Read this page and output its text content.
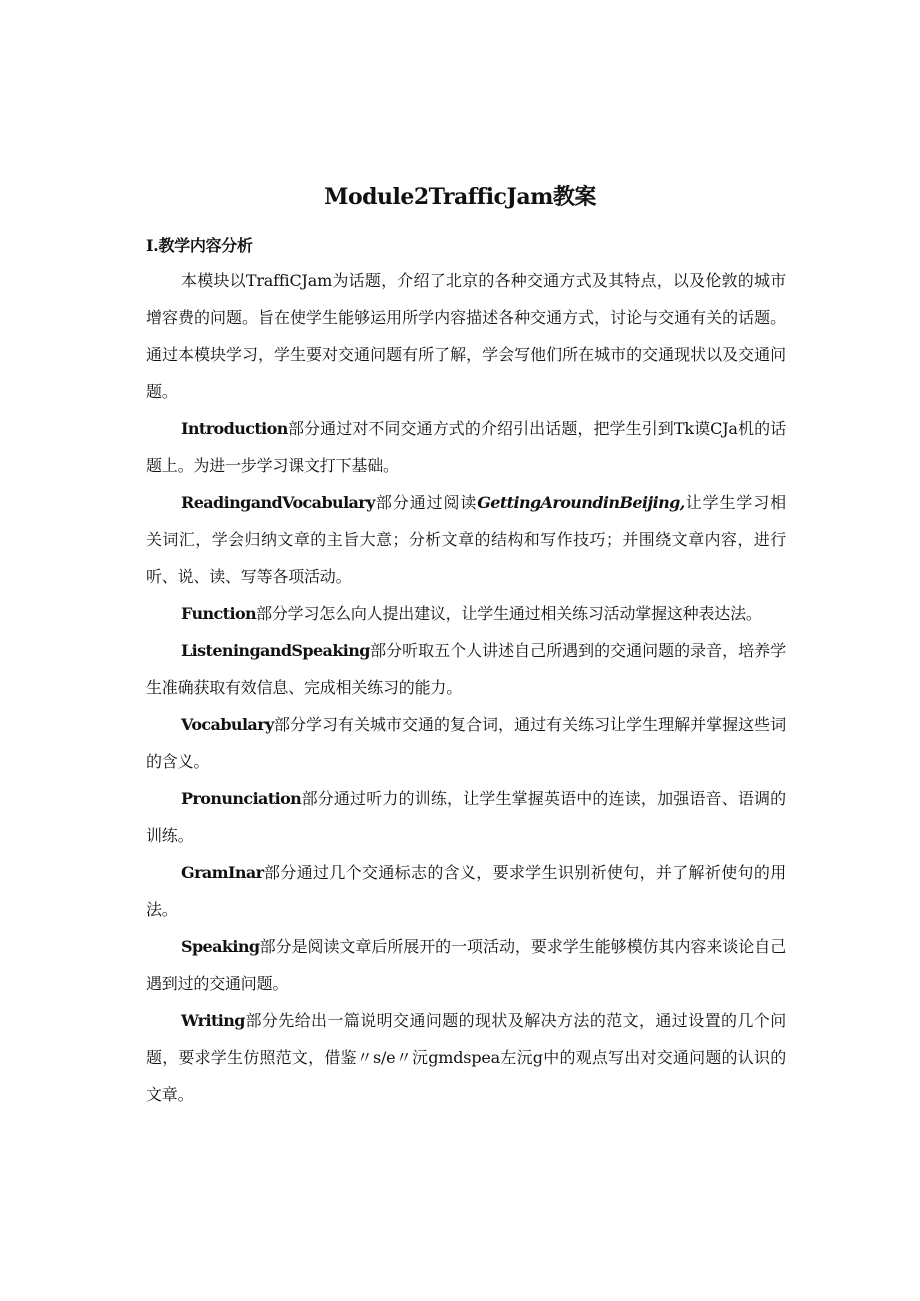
Module2TrafficJam教案
I.教学内容分析

本模块以TraffiCJam为话题，介绍了北京的各种交通方式及其特点，以及伦敦的城市增容费的问题。旨在使学生能够运用所学内容描述各种交通方式，讨论与交通有关的话题。通过本模块学习，学生要对交通问题有所了解，学会写他们所在城市的交通现状以及交通问题。

Introduction部分通过对不同交通方式的介绍引出话题，把学生引到Tk谟CJa机的话题上。为进一步学习课文打下基础。

ReadingandVocabulary部分通过阅读GettingAroundinBeijing,让学生学习相关词汇，学会归纳文章的主旨大意；分析文章的结构和写作技巧；并围绕文章内容，进行听、说、读、写等各项活动。

Function部分学习怎么向人提出建议，让学生通过相关练习活动掌握这种表达法。

ListeningandSpeaking部分听取五个人讲述自己所遇到的交通问题的录音，培养学生准确获取有效信息、完成相关练习的能力。

Vocabulary部分学习有关城市交通的复合词，通过有关练习让学生理解并掌握这些词的含义。

Pronunciation部分通过听力的训练，让学生掌握英语中的连读，加强语音、语调的训练。

GramInar部分通过几个交通标志的含义，要求学生识别祈使句，并了解祈使句的用法。

Speaking部分是阅读文章后所展开的一项活动，要求学生能够模仿其内容来谈论自己遇到过的交通问题。

Writing部分先给出一篇说明交通问题的现状及解决方法的范文，通过设置的几个问题，要求学生仿照范文，借鉴〃s/e〃沅gmdspea左沅g中的观点写出对交通问题的认识的文章。
